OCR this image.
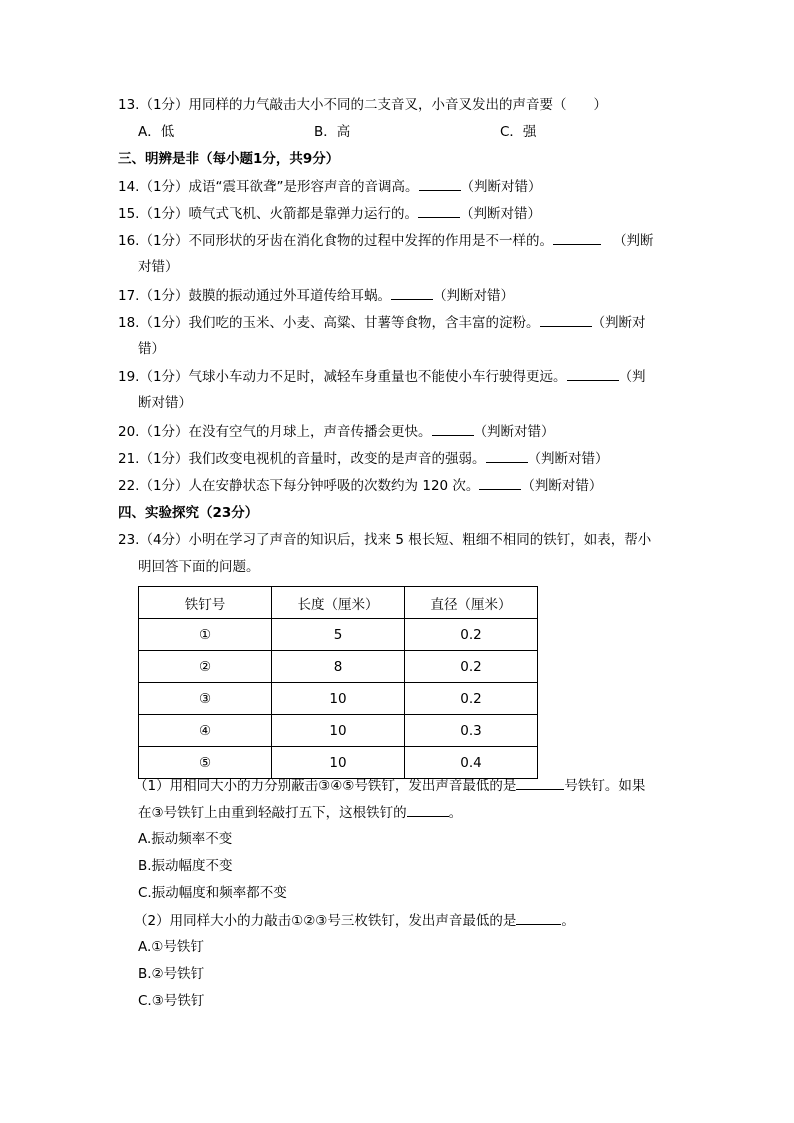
13.（1分）用同样的力气敲击大小不同的二支音叉，小音叉发出的声音要（　　）
A．低	B．高	C．强
三、明辨是非（每小题1分，共9分）
14.（1分）成语“震耳欲聋”是形容声音的音调高。	（判断对错）
15.（1分）喷气式飞机、火箭都是靠弹力运行的。	（判断对错）
16.（1分）不同形状的牙齿在消化食物的过程中发挥的作用是不一样的。	（判断
对错）
17.（1分）鼓膜的振动通过外耳道传给耳蜗。	（判断对错）
18.（1分）我们吃的玉米、小麦、高粱、甘薯等食物，含丰富的淀粉。	（判断对
错）
19.（1分）气球小车动力不足时，减轻车身重量也不能使小车行驶得更远。	（判
断对错）
20.（1分）在没有空气的月球上，声音传播会更快。	（判断对错）
21.（1分）我们改变电视机的音量时，改变的是声音的强弱。	（判断对错）
22.（1分）人在安静状态下每分钟呼吸的次数约为 120 次。	（判断对错）
四、实验探究（23分）
23.（4分）小明在学习了声音的知识后，找来 5 根长短、粗细不相同的铁钉，如表，帮小
明回答下面的问题。
铁钉号	长度（厘米）	直径（厘米）
①	5	0.2
②	8	0.2
③	10	0.2
④	10	0.3
⑤	10	0.4
（1）用相同大小的力分别蔽击③④⑤号铁钉，发出声音最低的是	号铁钉。如果
在③号铁钉上由重到轻敲打五下，这根铁钉的	。
A.振动频率不变
B.振动幅度不变
C.振动幅度和频率都不变
（2）用同样大小的力敲击①②③号三枚铁钉，发出声音最低的是	。
A.①号铁钉
B.②号铁钉
C.③号铁钉
